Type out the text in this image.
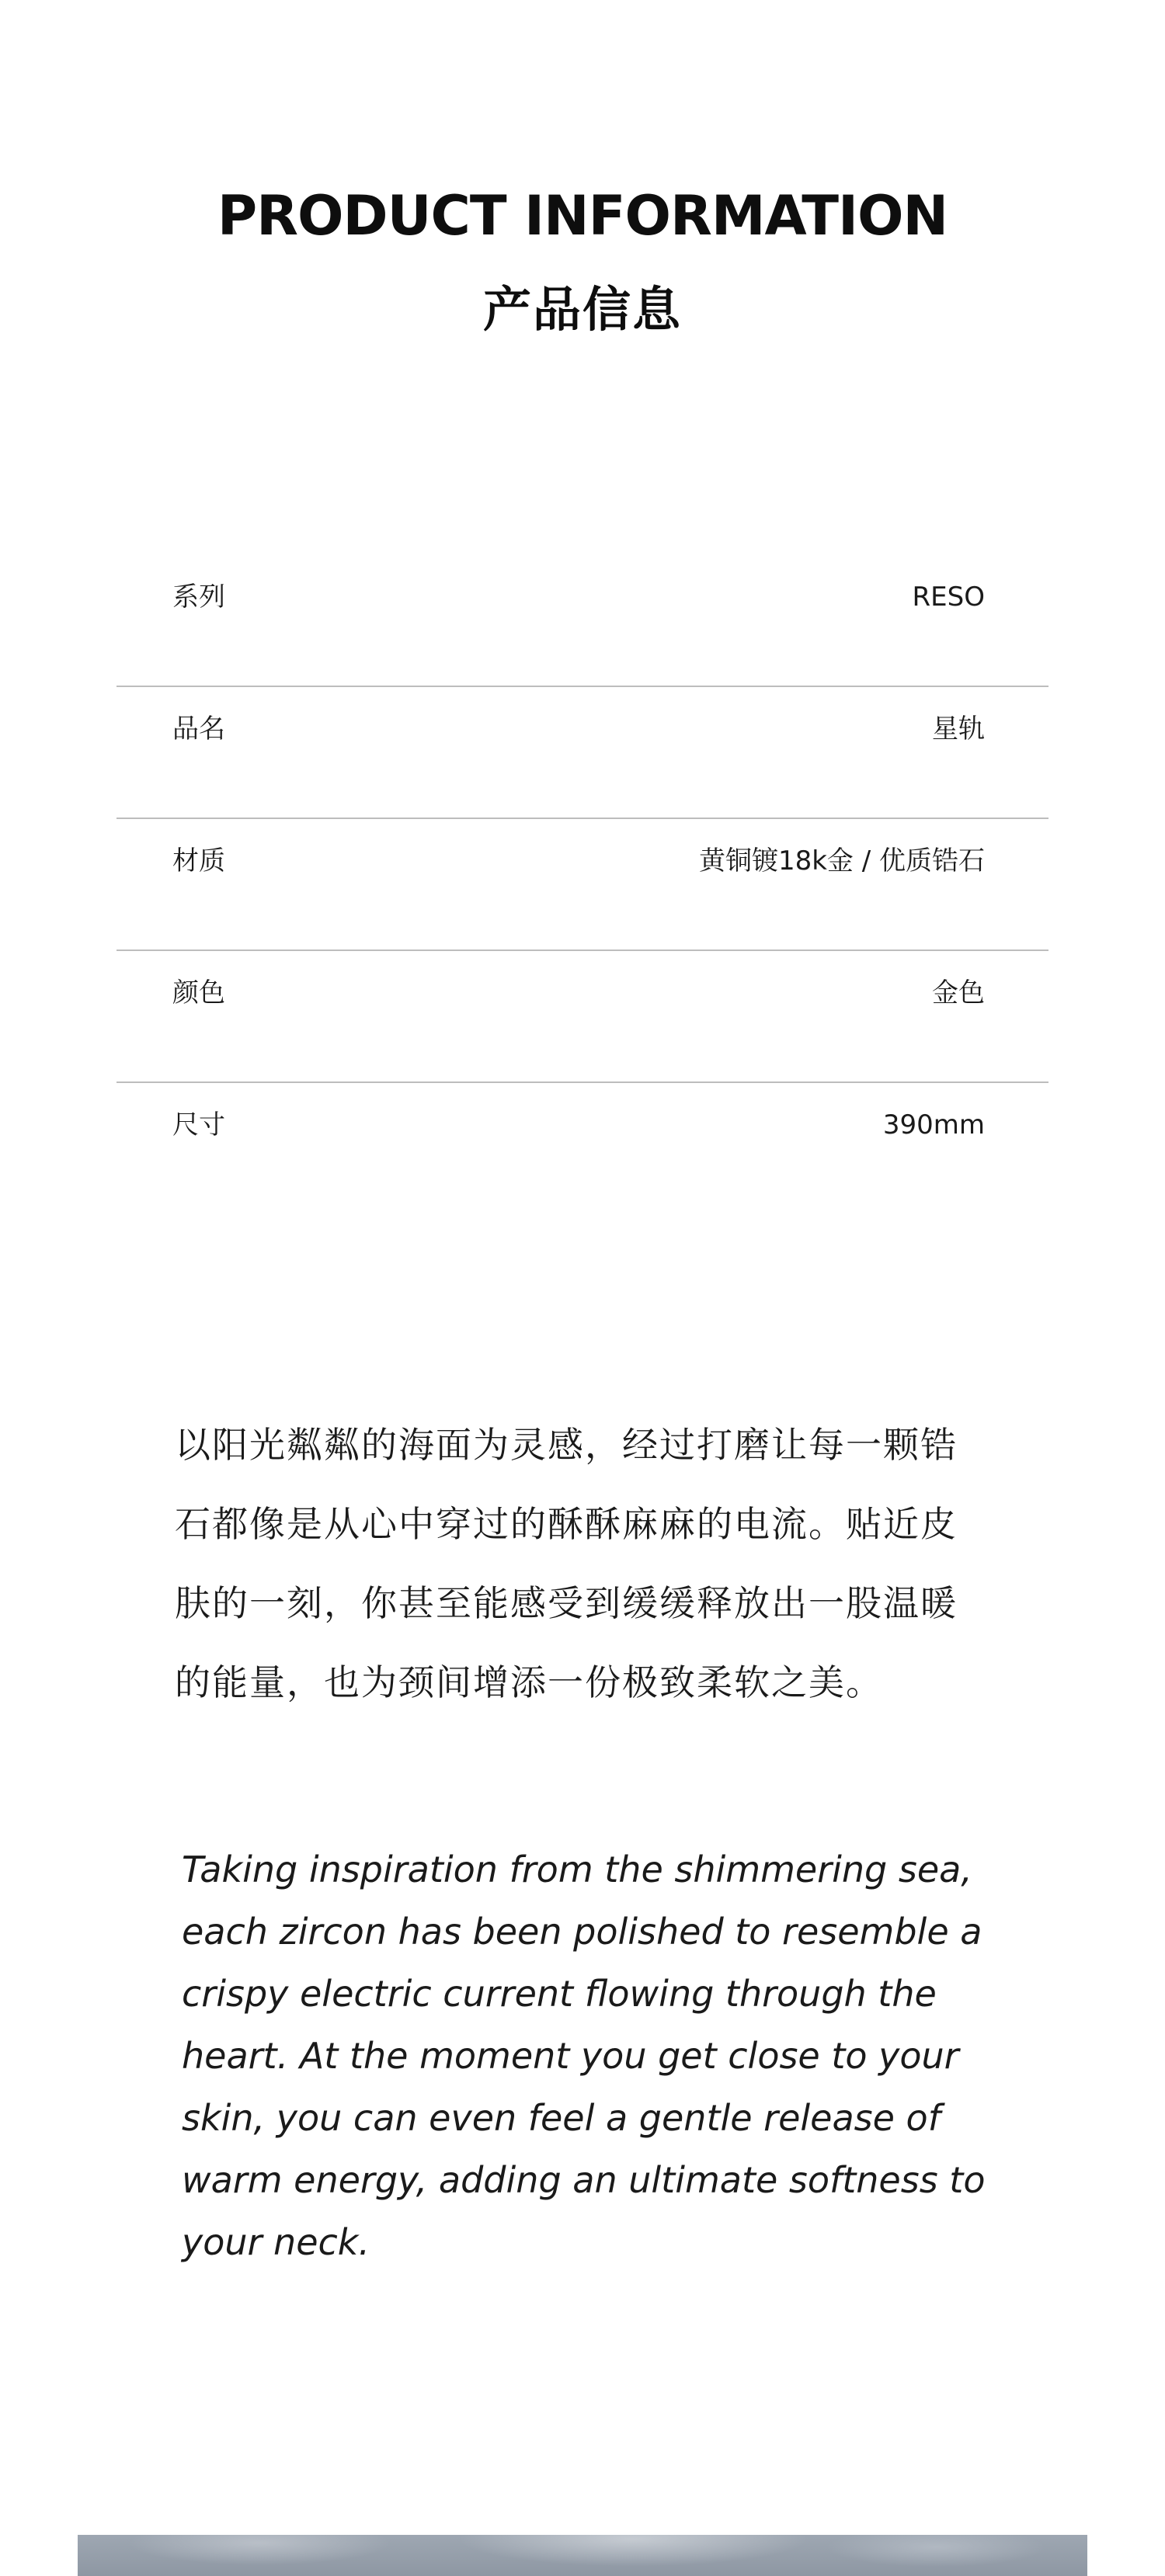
PRODUCT INFORMATION
产品信息
系列	RESO
品名	星轨
材质	黄铜镀18k金 / 优质锆石
颜色	金色
尺寸	390mm

以阳光粼粼的海面为灵感，经过打磨让每一颗锆石都像是从心中穿过的酥酥麻麻的电流。贴近皮肤的一刻，你甚至能感受到缓缓释放出一股温暖的能量，也为颈间增添一份极致柔软之美。

Taking inspiration from the shimmering sea, each zircon has been polished to resemble a crispy electric current flowing through the heart. At the moment you get close to your skin, you can even feel a gentle release of warm energy, adding an ultimate softness to your neck.
